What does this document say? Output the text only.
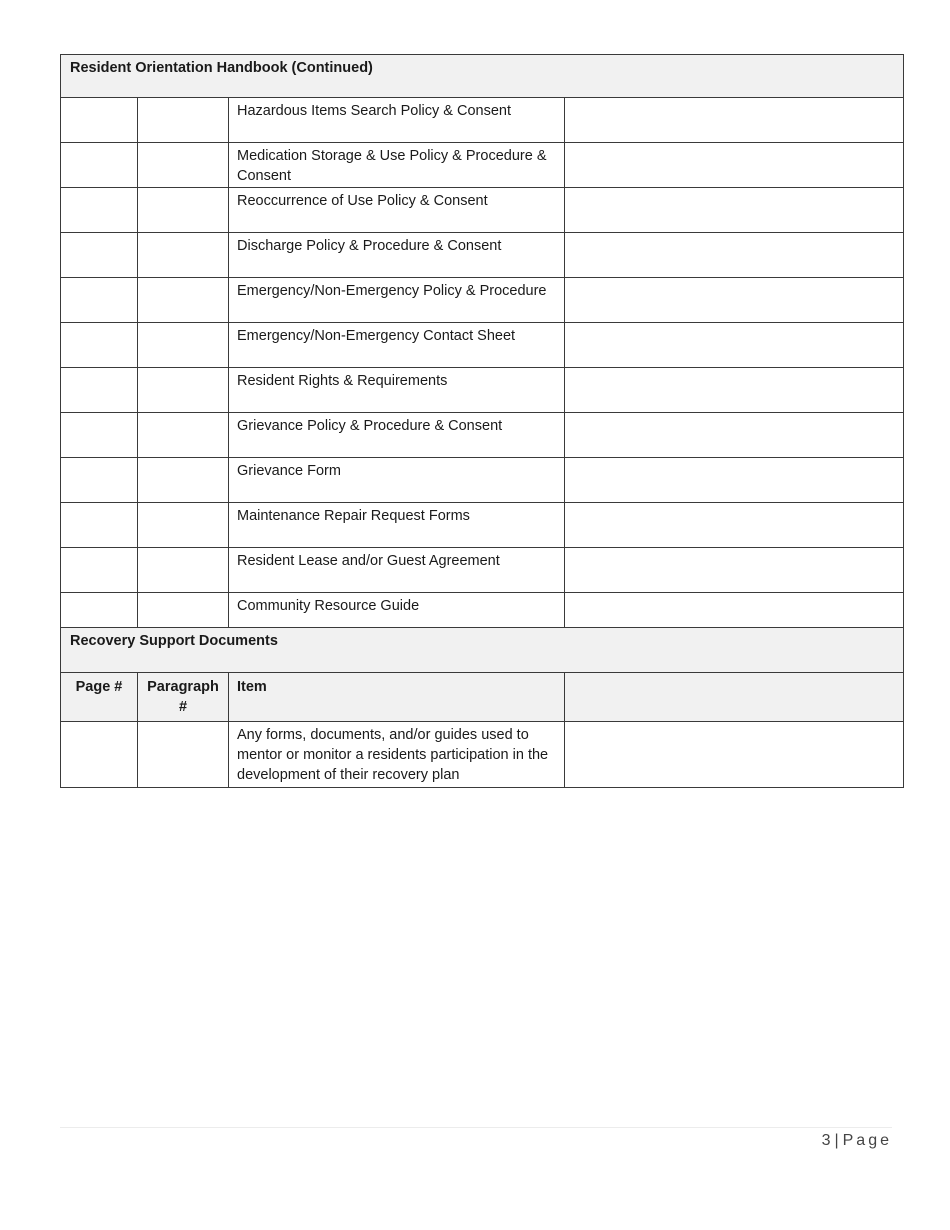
Resident Orientation Handbook (Continued)			
		Hazardous Items Search Policy & Consent	
		Medication Storage & Use Policy & Procedure & Consent	
		Reoccurrence of Use Policy & Consent	
		Discharge Policy & Procedure & Consent	
		Emergency/Non-Emergency Policy & Procedure	
		Emergency/Non-Emergency Contact Sheet	
		Resident Rights & Requirements	
		Grievance Policy & Procedure & Consent	
		Grievance Form	
		Maintenance Repair Request Forms	
		Resident Lease and/or Guest Agreement	
		Community Resource Guide	
Recovery Support Documents			
Page #	Paragraph #	Item	
		Any forms, documents, and/or guides used to mentor or monitor a residents participation in the development of their recovery plan	
3 | Page
